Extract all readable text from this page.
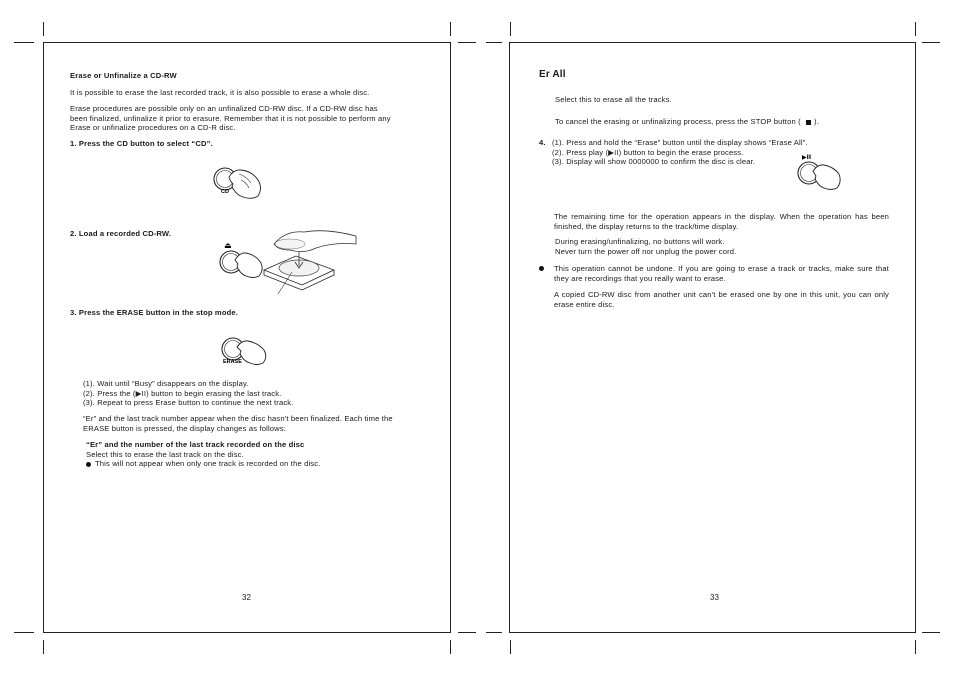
Erase or Unfinalize a CD-RW

It is possible to erase the last recorded track, it is also possible to erase a whole disc.

Erase procedures are possible only on an unfinalized CD-RW disc. If a CD-RW disc has

been finalized, unfinalize it prior to erasure. Remember that it is not possible to perform any

Erase or unfinalize procedures on a CD-R disc.

1. Press the CD button to select “CD”.

CD

2. Load a recorded CD-RW.

⏏

3. Press the ERASE button in the stop mode.

ERASE

(1). Wait until “Busy” disappears on the display.

(2). Press the (▶II) button to begin erasing the last track.

(3). Repeat to press Erase button to continue the next track.

“Er” and the last track number appear when the disc hasn't been finalized. Each time the

ERASE button is pressed, the display changes as follows:

“Er” and the number of the last track recorded on the disc

Select this to erase the last track on the disc.

This will not appear when only one track is recorded on the disc.

32

Er All

Select this to erase all the tracks.

To cancel the erasing or unfinalizing process, press the STOP button ( ).

4. (1). Press and hold the “Erase” button until the display shows “Erase All”.

(2). Press play (▶II) button to begin the erase process.

(3). Display will show 0000000 to confirm the disc is clear.	▶II

The remaining time for the operation appears in the display. When the operation has been finished, the display returns to the track/time display.

During erasing/unfinalizing, no buttons will work.

Never turn the power off nor unplug the power cord.

This operation cannot be undone. If you are going to erase a track or tracks, make sure that they are recordings that you really want to erase.

A copied CD-RW disc from another unit can't be erased one by one in this unit, you can only erase entire disc.

33
